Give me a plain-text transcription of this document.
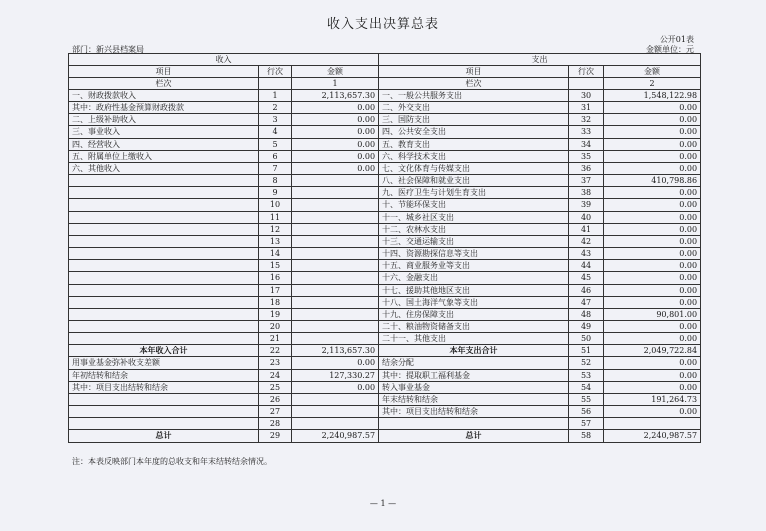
收入支出决算总表
公开01表
部门：新兴县档案局	金额单位：元
收入			支出		
项目	行次	金额	项目	行次	金额
栏次		1	栏次		2
一、财政拨款收入	1	2,113,657.30	一、一般公共服务支出	30	1,548,122.98
其中：政府性基金预算财政拨款	2	0.00	二、外交支出	31	0.00
二、上级补助收入	3	0.00	三、国防支出	32	0.00
三、事业收入	4	0.00	四、公共安全支出	33	0.00
四、经营收入	5	0.00	五、教育支出	34	0.00
五、附属单位上缴收入	6	0.00	六、科学技术支出	35	0.00
六、其他收入	7	0.00	七、文化体育与传媒支出	36	0.00
	8		八、社会保障和就业支出	37	410,798.86
	9		九、医疗卫生与计划生育支出	38	0.00
	10		十、节能环保支出	39	0.00
	11		十一、城乡社区支出	40	0.00
	12		十二、农林水支出	41	0.00
	13		十三、交通运输支出	42	0.00
	14		十四、资源勘探信息等支出	43	0.00
	15		十五、商业服务业等支出	44	0.00
	16		十六、金融支出	45	0.00
	17		十七、援助其他地区支出	46	0.00
	18		十八、国土海洋气象等支出	47	0.00
	19		十九、住房保障支出	48	90,801.00
	20		二十、粮油物资储备支出	49	0.00
	21		二十一、其他支出	50	0.00
本年收入合计	22	2,113,657.30	本年支出合计	51	2,049,722.84
用事业基金弥补收支差额	23	0.00	结余分配	52	0.00
年初结转和结余	24	127,330.27	其中：提取职工福利基金	53	0.00
其中：项目支出结转和结余	25	0.00	转入事业基金	54	0.00
	26		年末结转和结余	55	191,264.73
	27		其中：项目支出结转和结余	56	0.00
	28			57	
总计	29	2,240,987.57	总计	58	2,240,987.57
注：本表反映部门本年度的总收支和年末结转结余情况。
— 1 —
